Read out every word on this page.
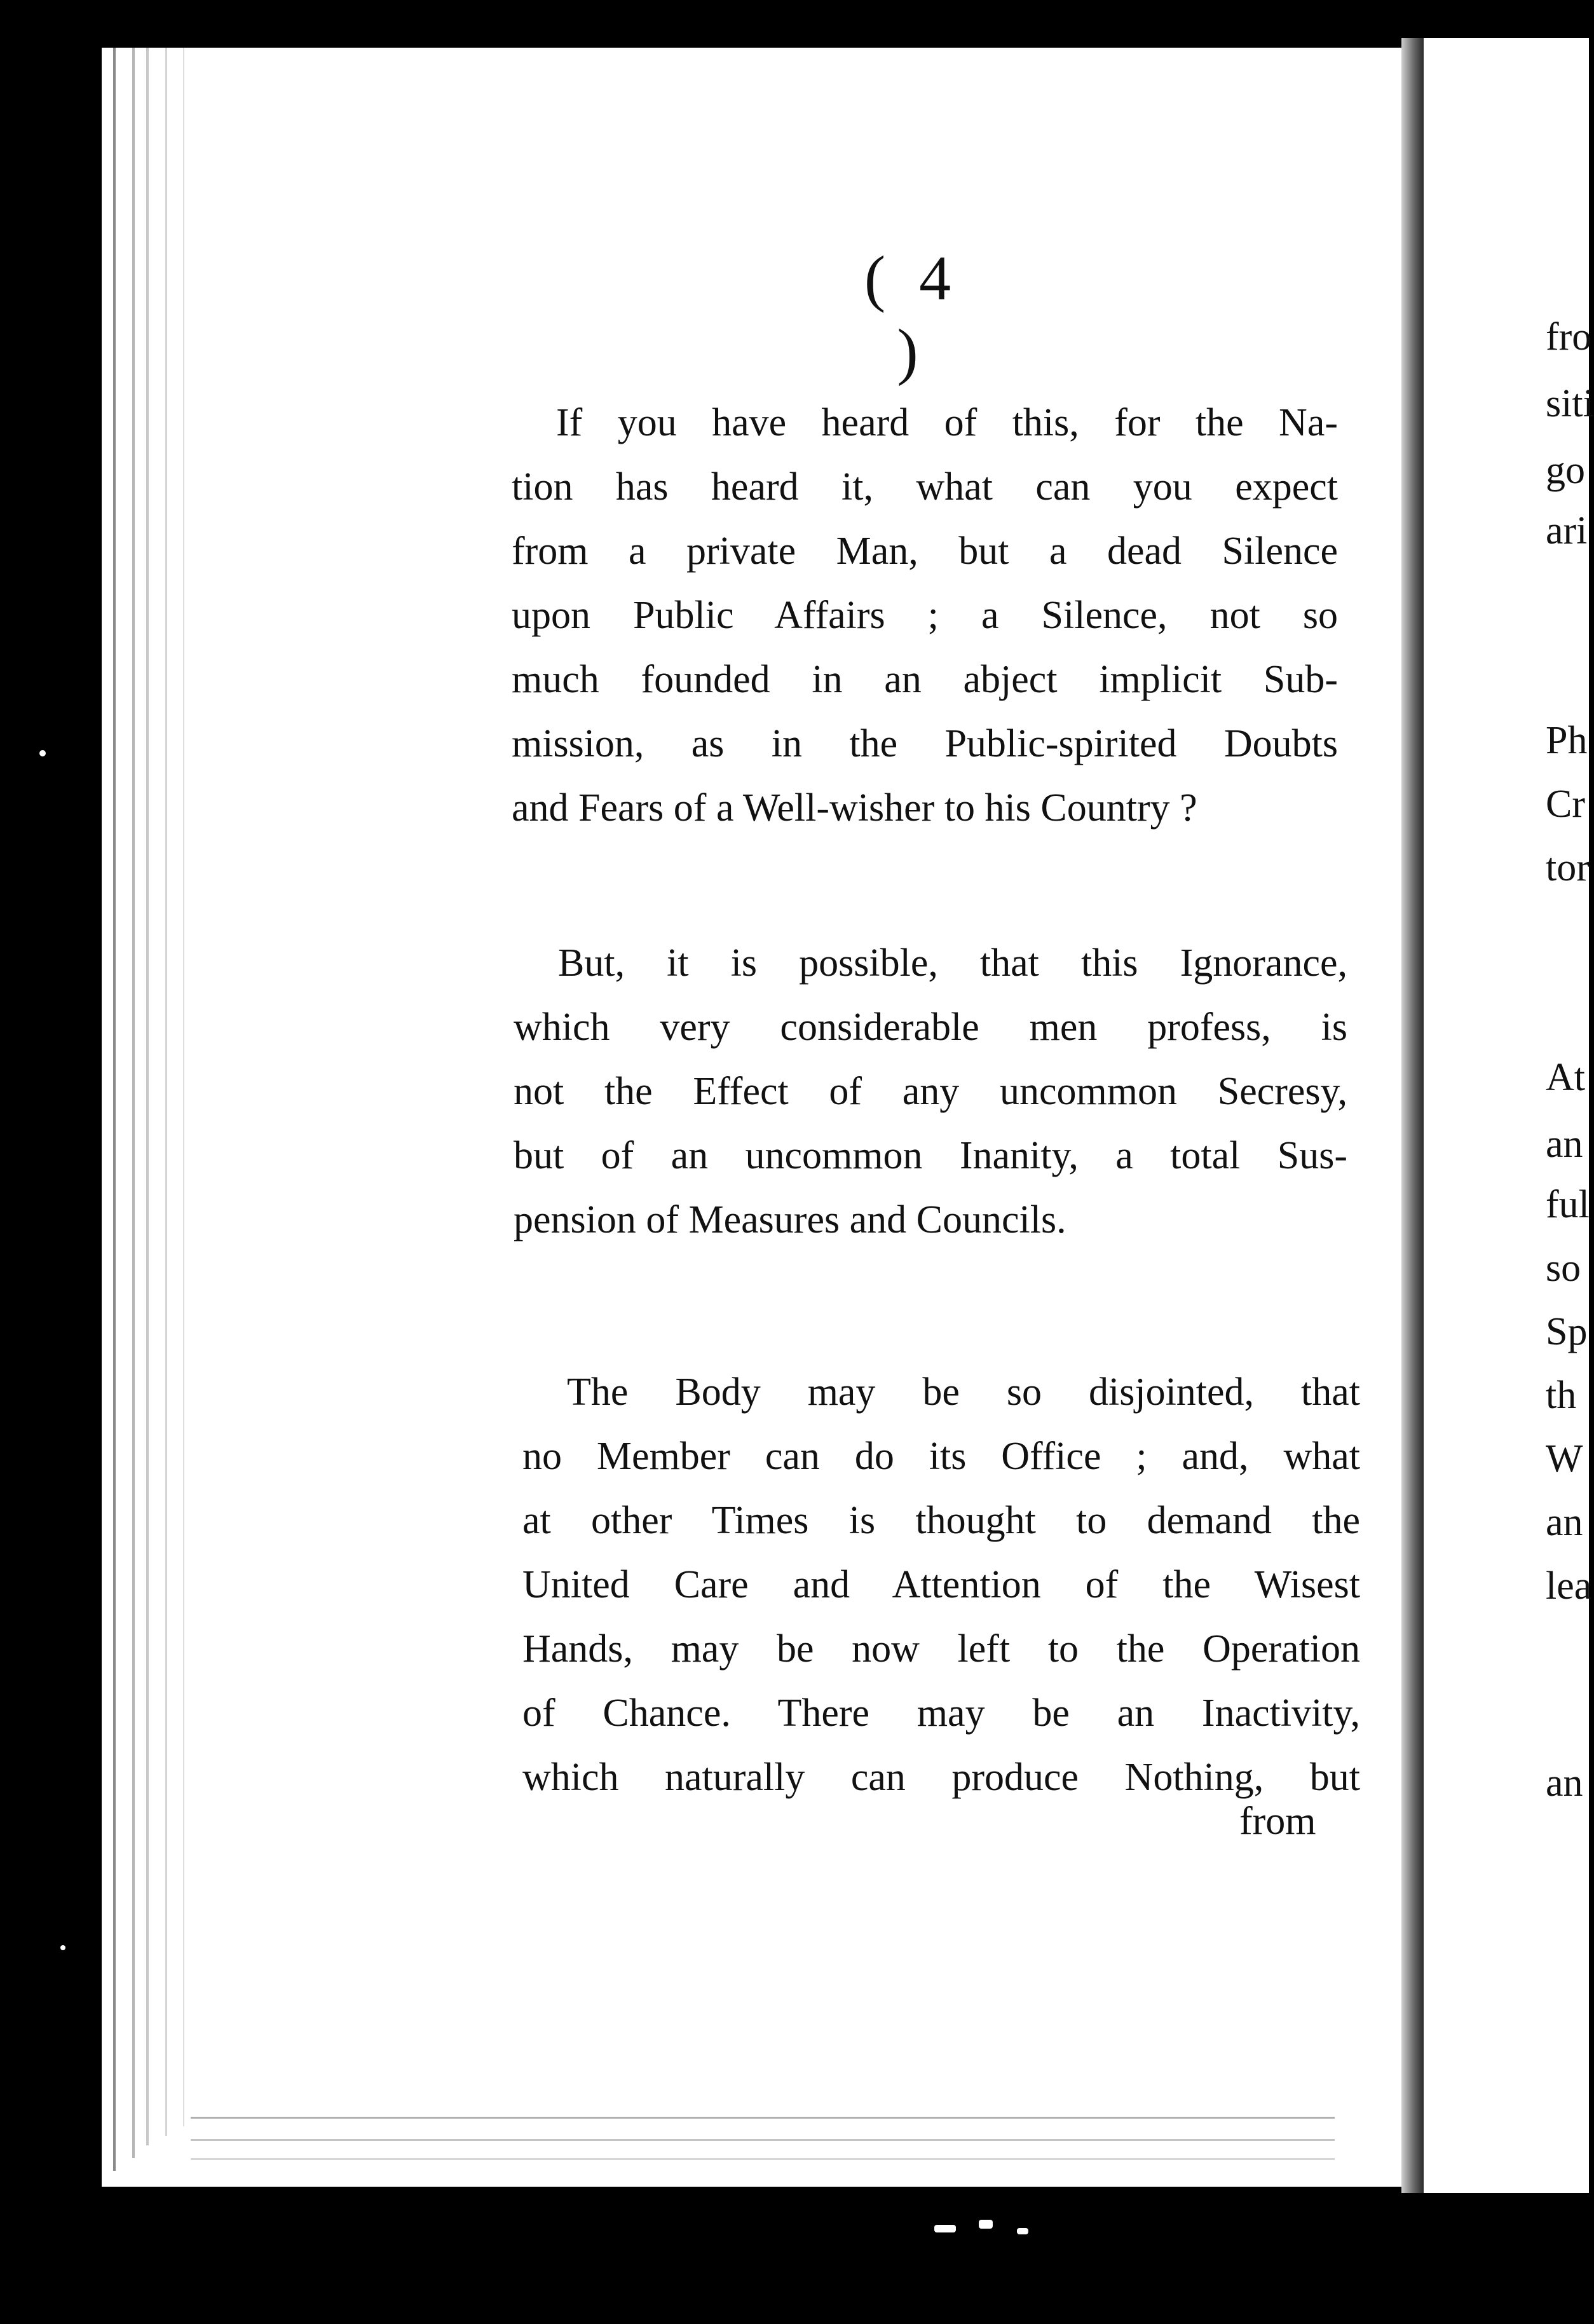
( 4 )

If you have heard of this, for the Na-
tion has heard it, what can you expect
from a private Man, but a dead Silence
upon Public Affairs ; a Silence, not so
much founded in an abject implicit Sub-
mission, as in the Public-spirited Doubts
and Fears of a Well-wisher to his Country ?

But, it is possible, that this Ignorance,
which very considerable men profess, is
not the Effect of any uncommon Secresy,
but of an uncommon Inanity, a total Sus-
pension of Measures and Councils.

The Body may be so disjointed, that
no Member can do its Office ; and, what
at other Times is thought to demand the
United Care and Attention of the Wisest
Hands, may be now left to the Operation
of Chance. There may be an Inactivity,
which naturally can produce Nothing, but

from
fro
siti
go
ari
Ph
Cr
tor
At
an
ful
so
Sp
th
W
an
lea
an
